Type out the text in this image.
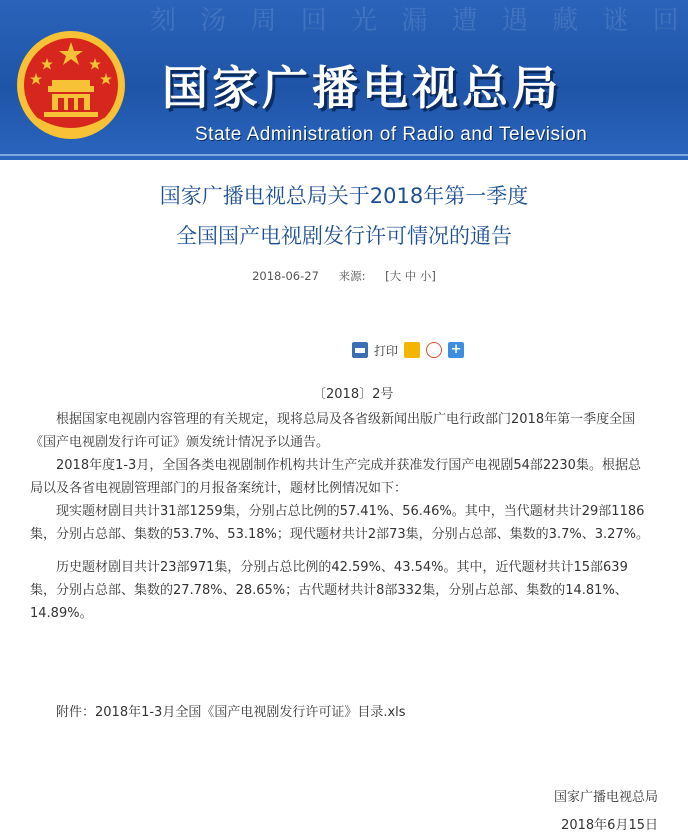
刻 汤 周 回 光 漏 遭 遇 藏 谜 回
国家广播电视总局
State Administration of Radio and Television
国家广播电视总局关于2018年第一季度
全国国产电视剧发行许可情况的通告
2018-06-27 来源: [大 中 小]
打印	+
〔2018〕2号

根据国家电视剧内容管理的有关规定，现将总局及各省级新闻出版广电行政部门2018年第一季度全国《国产电视剧发行许可证》颁发统计情况予以通告。

2018年度1-3月，全国各类电视剧制作机构共计生产完成并获准发行国产电视剧54部2230集。根据总局以及各省电视剧管理部门的月报备案统计，题材比例情况如下：

现实题材剧目共计31部1259集，分别占总比例的57.41%、56.46%。其中，当代题材共计29部1186集，分别占总部、集数的53.7%、53.18%；现代题材共计2部73集，分别占总部、集数的3.7%、3.27%。

历史题材剧目共计23部971集，分别占总比例的42.59%、43.54%。其中，近代题材共计15部639集，分别占总部、集数的27.78%、28.65%；古代题材共计8部332集，分别占总部、集数的14.81%、14.89%。

附件：2018年1-3月全国《国产电视剧发行许可证》目录.xls
国家广播电视总局
2018年6月15日
